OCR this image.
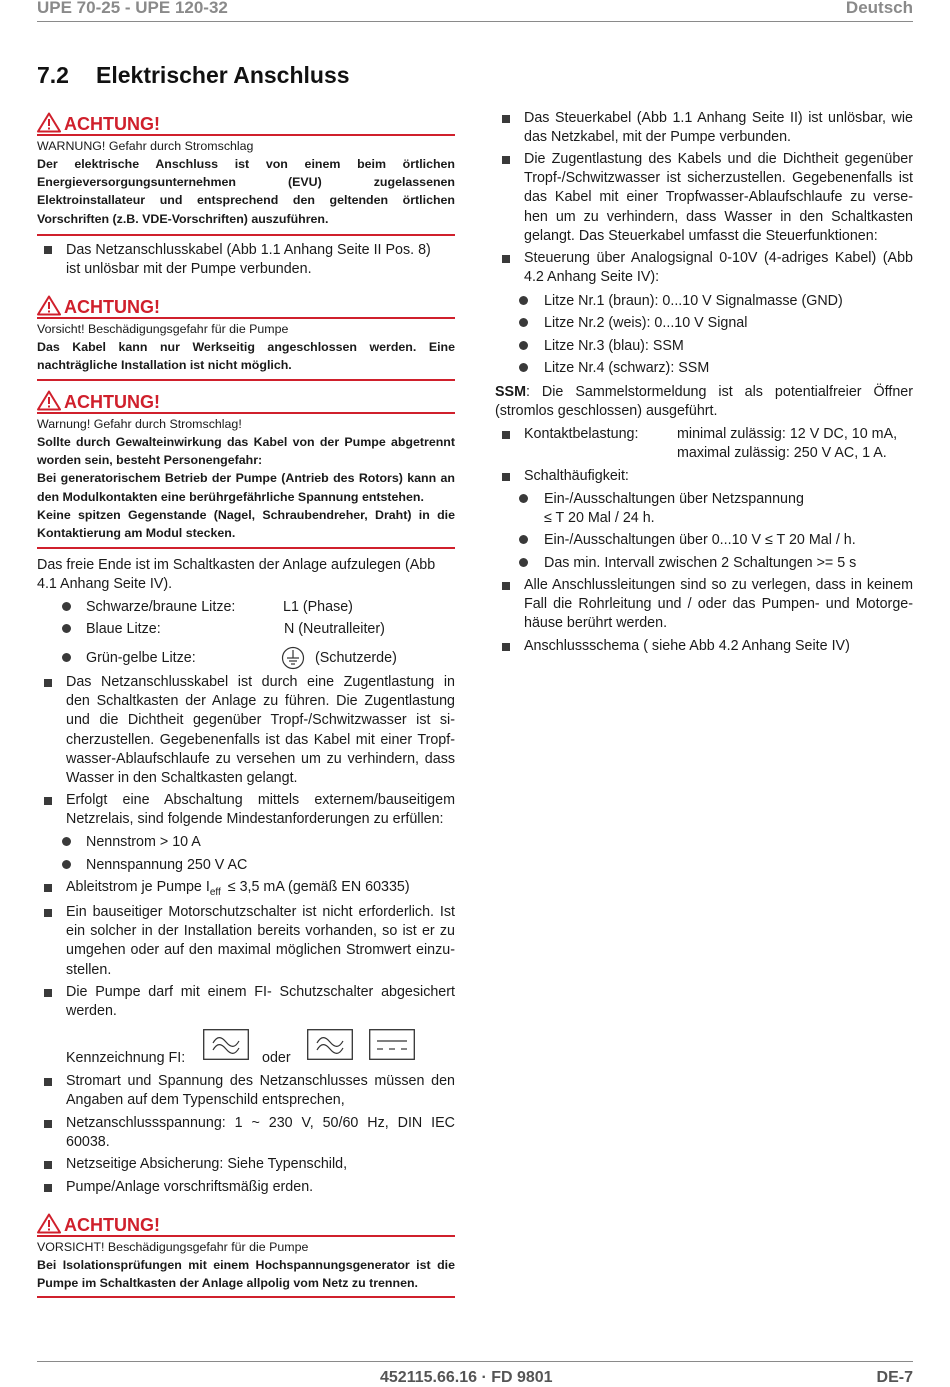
UPE 70-25 - UPE 120-32	Deutsch
7.2 Elektrischer Anschluss
ACHTUNG!
WARNUNG! Gefahr durch Stromschlag

Der elektrische Anschluss ist von einem beim örtlichen Energieversorgungsunternehmen (EVU) zugelassenen Elektroinstallateur und entsprechend den geltenden örtlichen Vorschriften (z.B. VDE-Vorschriften) auszuführen.

Das Netzanschlusskabel (Abb 1.1 Anhang Seite II Pos. 8)
ist unlösbar mit der Pumpe verbunden.
ACHTUNG!
Vorsicht! Beschädigungsgefahr für die Pumpe

Das Kabel kann nur Werkseitig angeschlossen werden. Eine nachträgliche Installation ist nicht möglich.

ACHTUNG!
Warnung! Gefahr durch Stromschlag!

Sollte durch Gewalteinwirkung das Kabel von der Pumpe abgetrennt worden sein, besteht Personengefahr:

Bei generatorischem Betrieb der Pumpe (Antrieb des Rotors) kann an den Modulkontakten eine berührgefährliche Spannung entstehen.

Keine spitzen Gegenstande (Nagel, Schraubendreher, Draht) in die Kontaktierung am Modul stecken.

Das freie Ende ist im Schaltkasten der Anlage aufzulegen (Abb
4.1 Anhang Seite IV).
Schwarze/braune Litze:	L1 (Phase)
Blaue Litze:	N (Neutralleiter)
Grün-gelbe Litze:	(Schutzerde)
Das Netzanschlusskabel ist durch eine Zugentlastung in
den Schaltkasten der Anlage zu führen. Die Zugentlastung
und die Dichtheit gegenüber Tropf-/Schwitzwasser ist si-
cherzustellen. Gegebenenfalls ist das Kabel mit einer Tropf-
wasser-Ablaufschlaufe zu versehen um zu verhindern, dass
Wasser in den Schaltkasten gelangt.
Erfolgt eine Abschaltung mittels externem/bauseitigem
Netzrelais, sind folgende Mindestanforderungen zu erfüllen:
Nennstrom > 10 A
Nennspannung 250 V AC
Ableitstrom je Pumpe $I_{eff} \le 3,5$ mA (gemäß EN 60335)
Ein bauseitiger Motorschutzschalter ist nicht erforderlich. Ist
ein solcher in der Installation bereits vorhanden, so ist er zu
umgehen oder auf den maximal möglichen Stromwert einzu-
stellen.
Die Pumpe darf mit einem FI- Schutzschalter abgesichert
werden.
Kennzeichnung FI:	oder
Stromart und Spannung des Netzanschlusses müssen den
Angaben auf dem Typenschild entsprechen,
Netzanschlussspannung: 1 ~ 230 V, 50/60 Hz, DIN IEC
60038.
Netzseitige Absicherung: Siehe Typenschild,
Pumpe/Anlage vorschriftsmäßig erden.
ACHTUNG!
VORSICHT! Beschädigungsgefahr für die Pumpe

Bei Isolationsprüfungen mit einem Hochspannungsgenerator ist die Pumpe im Schaltkasten der Anlage allpolig vom Netz zu trennen.

Das Steuerkabel (Abb 1.1 Anhang Seite II) ist unlösbar, wie
das Netzkabel, mit der Pumpe verbunden.
Die Zugentlastung des Kabels und die Dichtheit gegenüber
Tropf-/Schwitzwasser ist sicherzustellen. Gegebenenfalls ist
das Kabel mit einer Tropfwasser-Ablaufschlaufe zu verse-
hen um zu verhindern, dass Wasser in den Schaltkasten
gelangt. Das Steuerkabel umfasst die Steuerfunktionen:
Steuerung über Analogsignal 0-10V (4-adriges Kabel) (Abb
4.2 Anhang Seite IV):
Litze Nr.1 (braun): 0...10 V Signalmasse (GND)
Litze Nr.2 (weis): 0...10 V Signal
Litze Nr.3 (blau): SSM
Litze Nr.4 (schwarz): SSM
SSM: Die Sammelstormeldung ist als potentialfreier Öffner
(stromlos geschlossen) ausgeführt.
Kontaktbelastung:	minimal zulässig: 12 V DC, 10 mA,
maximal zulässig: 250 V AC, 1 A.
Schalthäufigkeit:
Ein-/Ausschaltungen über Netzspannung
≤ T 20 Mal / 24 h.
Ein-/Ausschaltungen über 0...10 V ≤ T 20 Mal / h.
Das min. Intervall zwischen 2 Schaltungen >= 5 s
Alle Anschlussleitungen sind so zu verlegen, dass in keinem
Fall die Rohrleitung und / oder das Pumpen- und Motorge-
häuse berührt werden.
Anschlussschema ( siehe Abb 4.2 Anhang Seite IV)
452115.66.16 · FD 9801	DE-7
